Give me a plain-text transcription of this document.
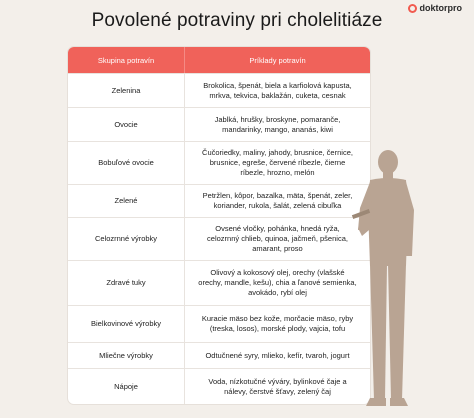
Povolené potraviny pri cholelitiáze
doktorpro
Skupina potravín	Príklady potravín
Zelenina
Brokolica, špenát, biela a karfiolová kapusta,
mrkva, tekvica, baklažán, cuketa, cesnak
Ovocie
Jablká, hrušky, broskyne, pomaranče,
mandarinky, mango, ananás, kiwi
Bobuľové ovocie
Čučoriedky, maliny, jahody, brusnice, černice,
brusnice, egreše, červené ríbezle, čierne
ríbezle, hrozno, melón
Zelené
Petržlen, kôpor, bazalka, mäta, špenát, zeler,
koriander, rukola, šalát, zelená cibuľka
Celozrnné výrobky
Ovsené vločky, pohánka, hnedá ryža,
celozrnný chlieb, quinoa, jačmeň, pšenica,
amarant, proso
Zdravé tuky
Olivový a kokosový olej, orechy (vlašské
orechy, mandle, kešu), chia a ľanové semienka,
avokádo, rybí olej
Bielkovinové výrobky
Kuracie mäso bez kože, morčacie mäso, ryby
(treska, losos), morské plody, vajcia, tofu
Mliečne výrobky	Odtučnené syry, mlieko, kefír, tvaroh, jogurt
Nápoje
Voda, nízkotučné výváry, bylinkové čaje a
nálevy, čerstvé šťavy, zelený čaj
